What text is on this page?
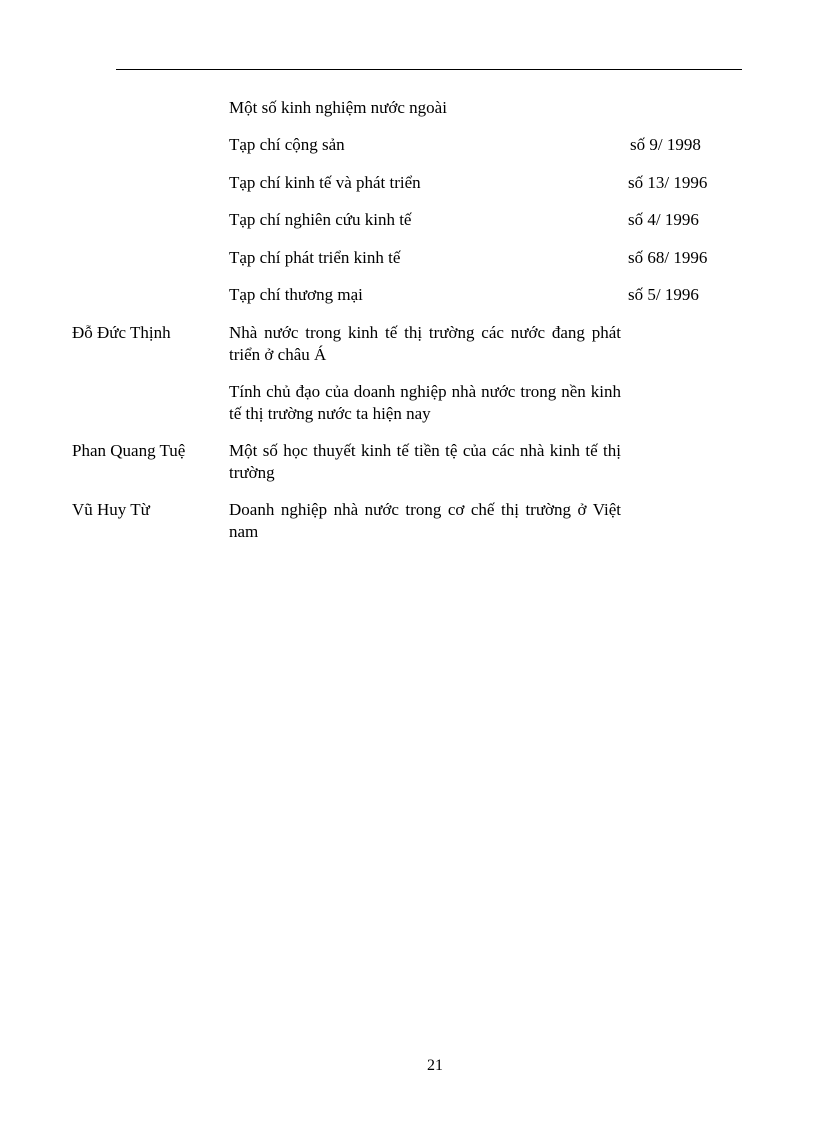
Một số kinh nghiệm nước ngoài
Tạp chí cộng sản	số 9/ 1998
Tạp chí kinh tế và phát triển	số 13/ 1996
Tạp chí nghiên cứu kinh tế	số 4/ 1996
Tạp chí phát triển kinh tế	số 68/ 1996
Tạp chí thương mại	số 5/ 1996
Đỗ Đức Thịnh	Nhà nước trong kinh tế thị trường các nước đang phát triển ở châu Á
Tính chủ đạo của doanh nghiệp nhà nước trong nền kinh tế thị trường nước ta hiện nay
Phan Quang Tuệ	Một số học thuyết kinh tế tiền tệ của các nhà kinh tế thị trường
Vũ Huy Từ	Doanh nghiệp nhà nước trong cơ chế thị trường ở Việt nam
21
